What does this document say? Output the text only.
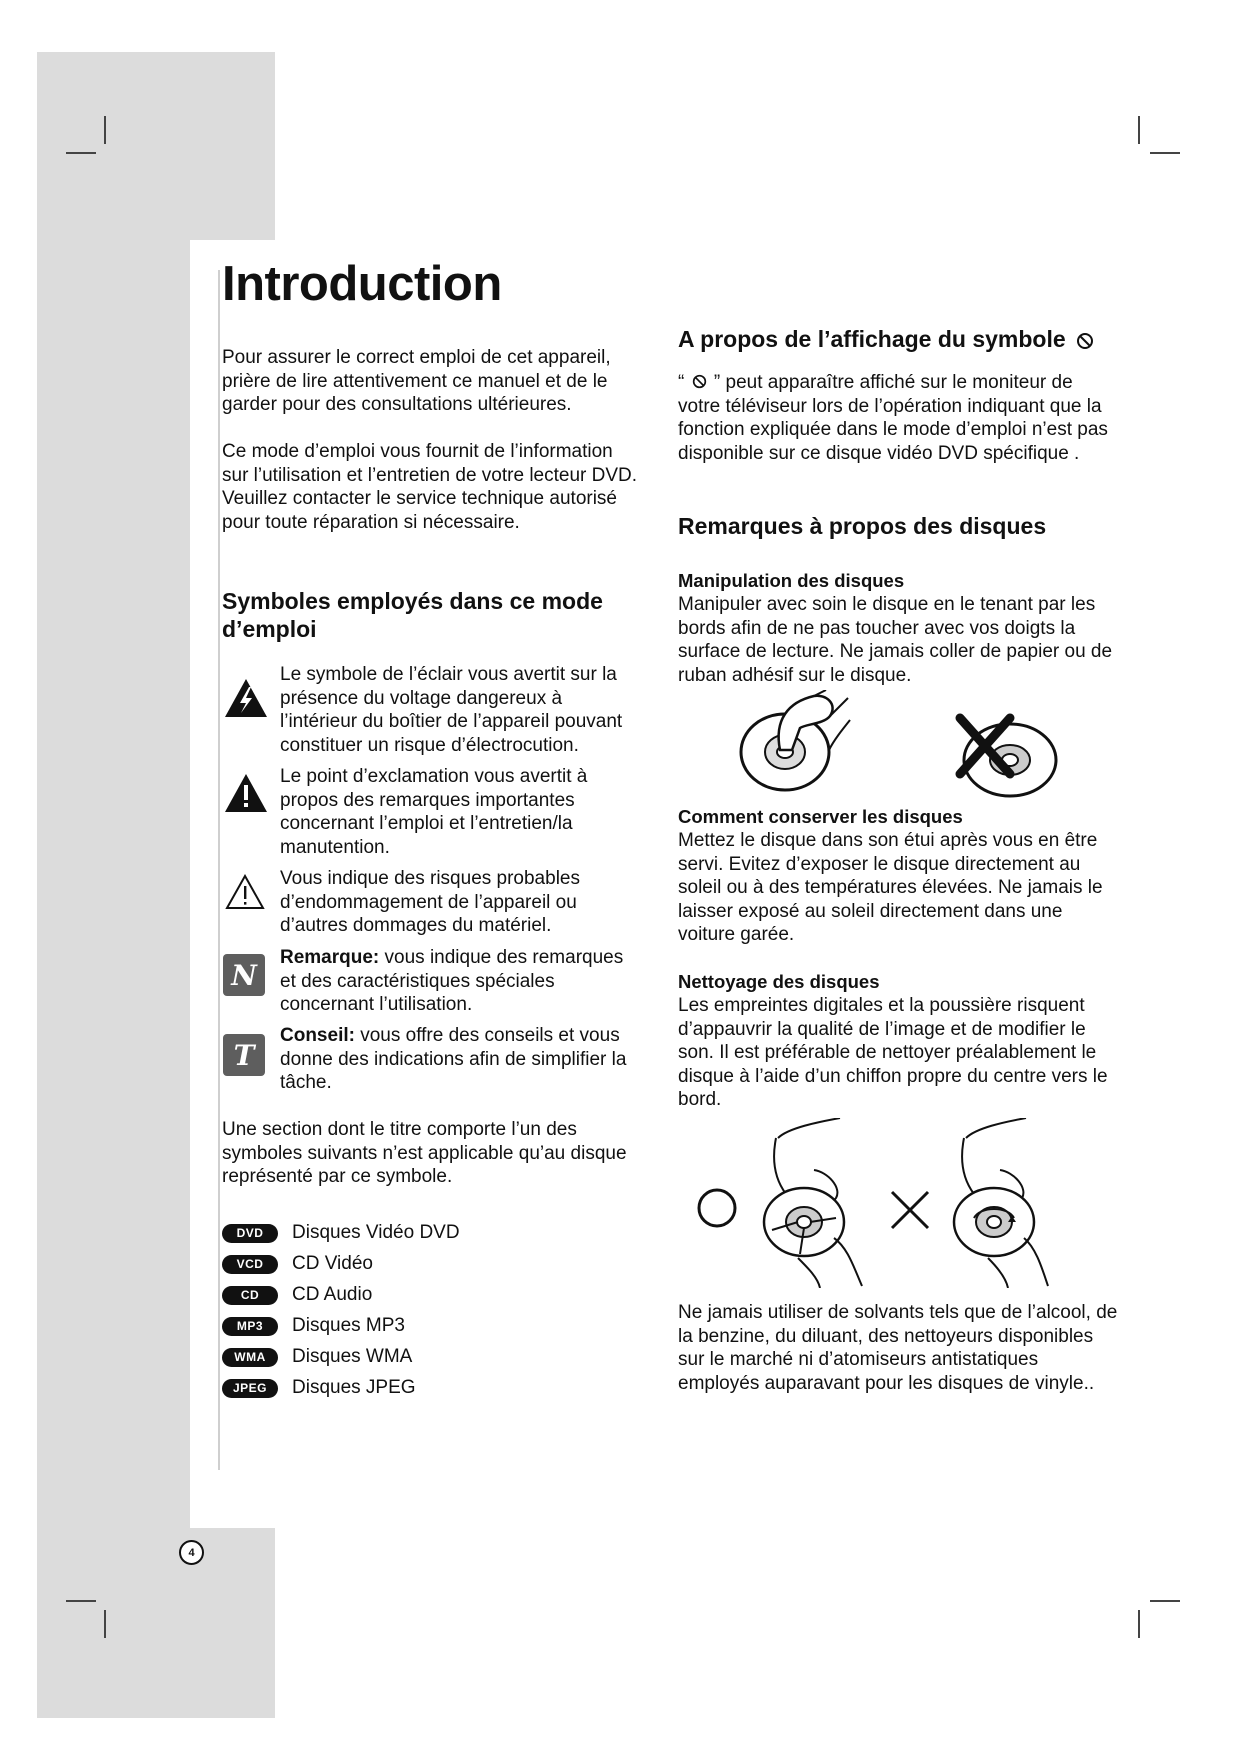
Introduction

Pour assurer le correct emploi de cet appareil, prière de lire attentivement ce manuel et de le garder pour des consultations ultérieures.

Ce mode d’emploi vous fournit de l’information sur l’utilisation et l’entretien de votre lecteur DVD. Veuillez contacter le service technique autorisé pour toute réparation si nécessaire.

Symboles employés dans ce mode d’emploi

Le symbole de l’éclair vous avertit sur la présence du voltage dangereux à l’intérieur du boîtier de l’appareil pouvant constituer un risque d’électrocution.

Le point d’exclamation vous avertit à propos des remarques importantes concernant l’emploi et l’entretien/la manutention.

Vous indique des risques probables d’endommagement de l’appareil ou d’autres dommages du matériel.

N

Remarque: vous indique des remarques et des caractéristiques spéciales concernant l’utilisation.

T

Conseil: vous offre des conseils et vous donne des indications afin de simplifier la tâche.

Une section dont le titre comporte l’un des symboles suivants n’est applicable qu’au disque représenté par ce symbole.

DVD	Disques Vidéo DVD
VCD	CD Vidéo
CD	CD Audio
MP3	Disques MP3
WMA	Disques WMA
JPEG	Disques JPEG
A propos de l’affichage du symbole

“ ” peut apparaître affiché sur le moniteur de votre téléviseur lors de l’opération indiquant que la fonction expliquée dans le mode d’emploi n’est pas disponible sur ce disque vidéo DVD spécifique .

Remarques à propos des disques
Manipulation des disques

Manipuler avec soin le disque en le tenant par les bords afin de ne pas toucher avec vos doigts la surface de lecture. Ne jamais coller de papier ou de ruban adhésif sur le disque.

Comment conserver les disques

Mettez le disque dans son étui après vous en être servi. Evitez d’exposer le disque directement au soleil ou à des températures élevées. Ne jamais le laisser exposé au soleil directement dans une voiture garée.

Nettoyage des disques

Les empreintes digitales et la poussière risquent d’appauvrir la qualité de l’image et de modifier le son. Il est préférable de nettoyer préalablement le disque à l’aide d’un chiffon propre du centre vers le bord.

Ne jamais utiliser de solvants tels que de l’alcool, de la benzine, du diluant, des nettoyeurs disponibles sur le marché ni d’atomiseurs antistatiques employés auparavant pour les disques de vinyle..

4
